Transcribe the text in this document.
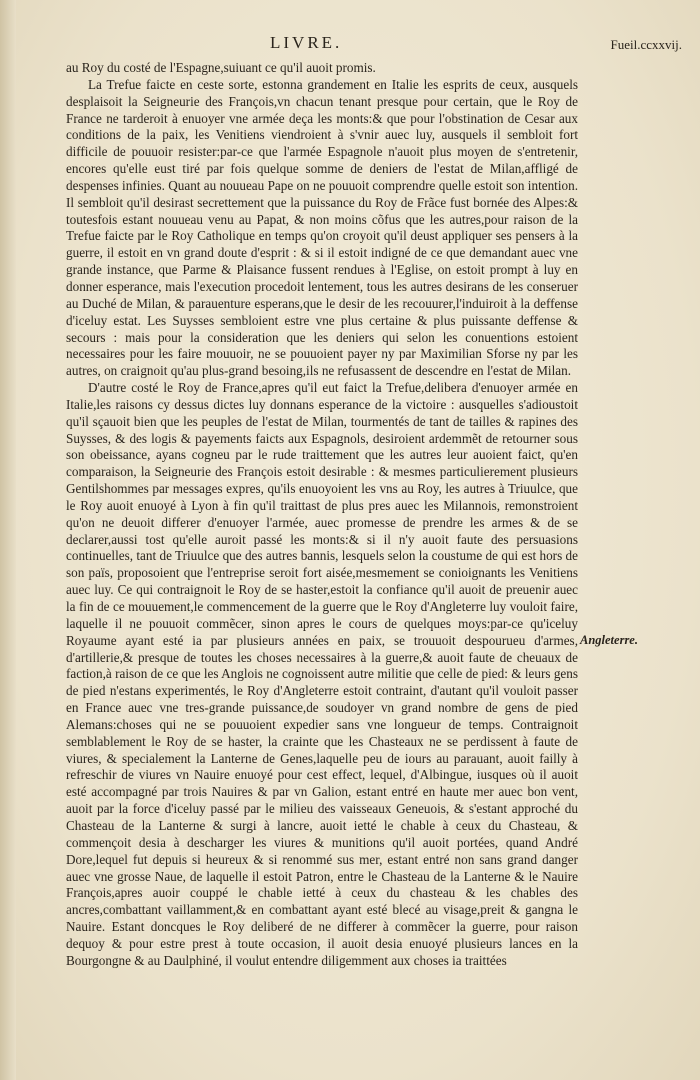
LIVRE.	Fueil.ccxxvij.

au Roy du costé de l'Espagne,suiuant ce qu'il auoit promis.

La Trefue faicte en ceste sorte, estonna grandement en Italie les esprits de ceux, ausquels desplaisoit la Seigneurie des François,vn chacun tenant presque pour certain, que le Roy de France ne tarderoit à enuoyer vne armée deça les monts:& que pour l'obstination de Cesar aux conditions de la paix, les Venitiens viendroient à s'vnir auec luy, ausquels il sembloit fort difficile de pouuoir resister:par-ce que l'armée Espagnole n'auoit plus moyen de s'entretenir, encores qu'elle eust tiré par fois quelque somme de deniers de l'estat de Milan,affligé de despenses infinies. Quant au nouueau Pape on ne pouuoit comprendre quelle estoit son intention. Il sembloit qu'il desirast secrettement que la puissance du Roy de Frãce fust bornée des Alpes:& toutesfois estant nouueau venu au Papat, & non moins cõfus que les autres,pour raison de la Trefue faicte par le Roy Catholique en temps qu'on croyoit qu'il deust appliquer ses pensers à la guerre, il estoit en vn grand doute d'esprit : & si il estoit indigné de ce que demandant auec vne grande instance, que Parme & Plaisance fussent rendues à l'Eglise, on estoit prompt à luy en donner esperance, mais l'execution procedoit lentement, tous les autres desirans de les conseruer au Duché de Milan, & parauenture esperans,que le desir de les recouurer,l'induiroit à la deffense d'iceluy estat. Les Suysses sembloient estre vne plus certaine & plus puissante deffense & secours : mais pour la consideration que les deniers qui selon les conuentions estoient necessaires pour les faire mouuoir, ne se pouuoient payer ny par Maximilian Sforse ny par les autres, on craignoit qu'au plus-grand besoing,ils ne refusassent de descendre en l'estat de Milan.

D'autre costé le Roy de France,apres qu'il eut faict la Trefue,delibera d'enuoyer armée en Italie,les raisons cy dessus dictes luy donnans esperance de la victoire : ausquelles s'adioustoit qu'il sçauoit bien que les peuples de l'estat de Milan, tourmentés de tant de tailles & rapines des Suysses, & des logis & payements faicts aux Espagnols, desiroient ardemmẽt de retourner sous son obeissance, ayans cogneu par le rude traittement que les autres leur auoient faict, qu'en comparaison, la Seigneurie des François estoit desirable : & mesmes particulierement plusieurs Gentilshommes par messages expres, qu'ils enuoyoient les vns au Roy, les autres à Triuulce, que le Roy auoit enuoyé à Lyon à fin qu'il traittast de plus pres auec les Milannois, remonstroient qu'on ne deuoit differer d'enuoyer l'armée, auec promesse de prendre les armes & de se declarer,aussi tost qu'elle auroit passé les monts:& si il n'y auoit faute des persuasions continuelles, tant de Triuulce que des autres bannis, lesquels selon la coustume de qui est hors de son païs, proposoient que l'entreprise seroit fort aisée,mesmement se conioignants les Venitiens auec luy. Ce qui contraignoit le Roy de se haster,estoit la confiance qu'il auoit de preuenir auec la fin de ce mouuement,le commencement de la guerre que le Roy d'Angleterre luy vouloit faire, laquelle il ne pouuoit commẽcer, sinon apres le cours de quelques moys:par-ce qu'iceluy Royaume ayant esté ia par plusieurs années en paix, se trouuoit despourueu d'armes, d'artillerie,& presque de toutes les choses necessaires à la guerre,& auoit faute de cheuaux de faction,à raison de ce que les Anglois ne cognoissent autre militie que celle de pied: & leurs gens de pied n'estans experimentés, le Roy d'Angleterre estoit contraint, d'autant qu'il vouloit passer en France auec vne tres-grande puissance,de soudoyer vn grand nombre de gens de pied Alemans:choses qui ne se pouuoient expedier sans vne longueur de temps. Contraignoit semblablement le Roy de se haster, la crainte que les Chasteaux ne se perdissent à faute de viures, & specialement la Lanterne de Genes,laquelle peu de iours au parauant, auoit failly à refreschir de viures vn Nauire enuoyé pour cest effect, lequel, d'Albingue, iusques où il auoit esté accompagné par trois Nauires & par vn Galion, estant entré en haute mer auec bon vent, auoit par la force d'iceluy passé par le milieu des vaisseaux Geneuois, & s'estant approché du Chasteau de la Lanterne & surgi à lancre, auoit ietté le chable à ceux du Chasteau, & commençoit desia à descharger les viures & munitions qu'il auoit portées, quand André Dore,lequel fut depuis si heureux & si renommé sus mer, estant entré non sans grand danger auec vne grosse Naue, de laquelle il estoit Patron, entre le Chasteau de la Lanterne & le Nauire François,apres auoir couppé le chable ietté à ceux du chasteau & les chables des ancres,combattant vaillamment,& en combattant ayant esté blecé au visage,preit & gangna le Nauire. Estant doncques le Roy deliberé de ne differer à commẽcer la guerre, pour raison dequoy & pour estre prest à toute occasion, il auoit desia enuoyé plusieurs lances en la Bourgongne & au Daulphiné, il voulut entendre diligemment aux choses ia traittées

Angleterre.
